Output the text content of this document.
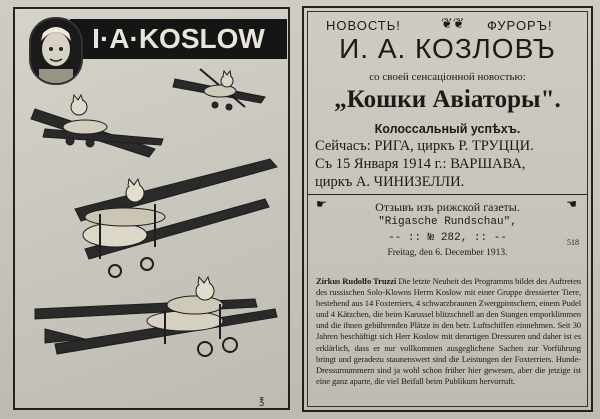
I·A·KOSLOW
℥
НОВОСТЬ!	❦❦ ФУРОРЪ!
И. А. КОЗЛОВЪ
со своей сенсаціонной новостью:
„Кошки Авіаторы".
Колоссальный успѣхъ.
Сейчасъ: РИГА, циркъ Р. ТРУЦЦИ.
Съ 15 Января 1914 г.: ВАРШАВА,
циркъ А. ЧИНИЗЕЛЛИ.
☛	Отзывъ изъ рижской газеты.	☚
"Rigasche Rundschau",
-- :: № 282, :: --
Freitag, den 6. December 1913.
518
Zirkus Rudolfo Truzzi Die letzte Neuheit des Programms bildet des Auftreten des russischen Solo-Klowns Herrn Koslow mit einer Gruppe dressierter Tiere, bestehend aus 14 Foxterriers, 4 schwarzbraunen Zwergpintschern, einem Pudel und 4 Kätzchen, die beim Karussel blitzschnell an den Stangen emporklimmen und die ihnen gebührenden Plätze in den betr. Luftschiffen einnehmen. Seit 30 Jahren beschäftigt sich Herr Koslow mit derartigen Dressuren und daher ist es erklärlich, dass er nur vollkommen ausgeglichene Sachen zur Vorführung bringt und geradezu staunenswert sind die Leistungen der Foxterriers. Hunde-Dressurnummern sind ja wohl schon früher hier gewesen, aber die jetzige ist eine ganz aparte, die viel Beifall beim Publikum hervorruft.
